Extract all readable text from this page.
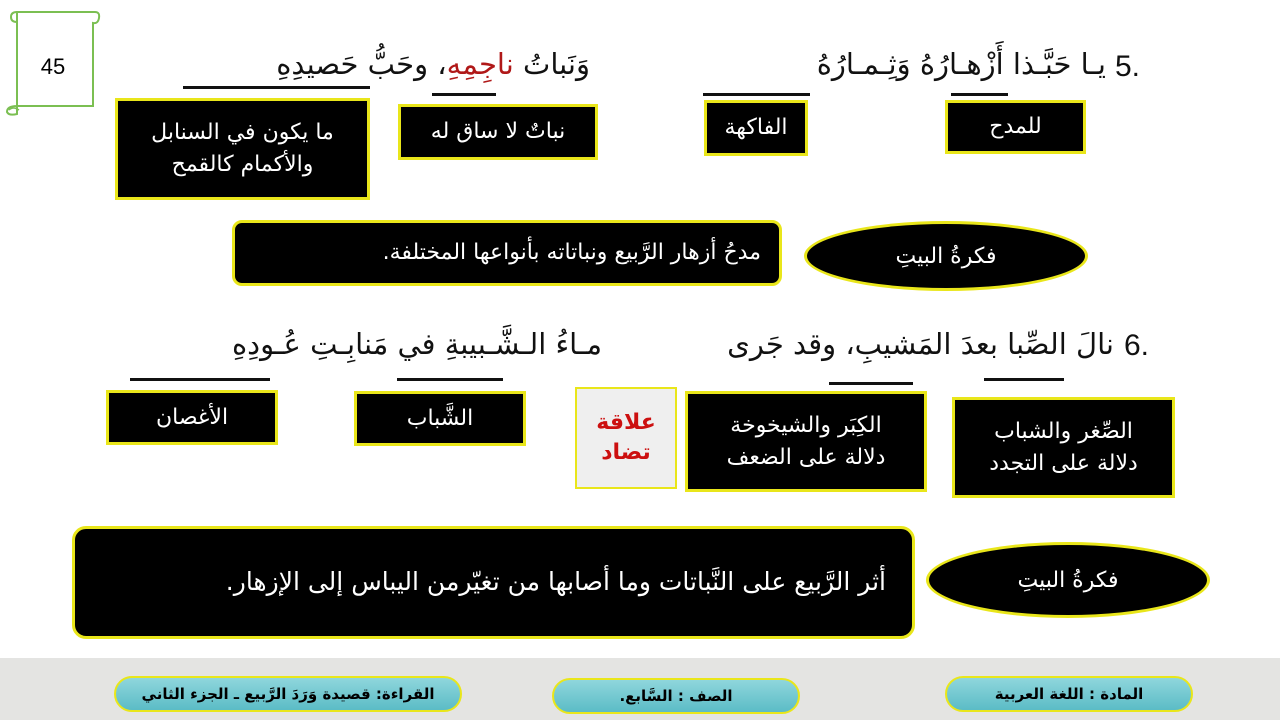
45	5.
يـا حَبَّـذا أَزْهـارُهُ وَثِـمـارُهُ
وَنَباتُ ناجِمِهِ، وحَبُّ حَصيدِهِ
للمدح
الفاكهة
نباتٌ لا ساق له
ما يكون في السنابل
والأكمام كالقمح
فكرةُ البيتِ
مدحُ أزهار الرَّبيع ونباتاته بأنواعها المختلفة.
6.
نالَ الصِّبا بعدَ المَشيبِ، وقد جَرى
مـاءُ الـشَّـبيبةِ في مَنابِـتِ عُـودِهِ
الصِّغر والشباب
دلالة على التجدد
الكِبَر والشيخوخة
دلالة على الضعف
علاقة
تضاد
الشَّباب
الأغصان
فكرةُ البيتِ
أثر الرَّبيع على النَّباتات وما أصابها من تغيّرمن اليباس إلى الإزهار.
المادة : اللغة العربية
الصف : السَّابع.
القراءة: قصيدة وَرَدَ الرَّبيع ـ الجزء الثاني
